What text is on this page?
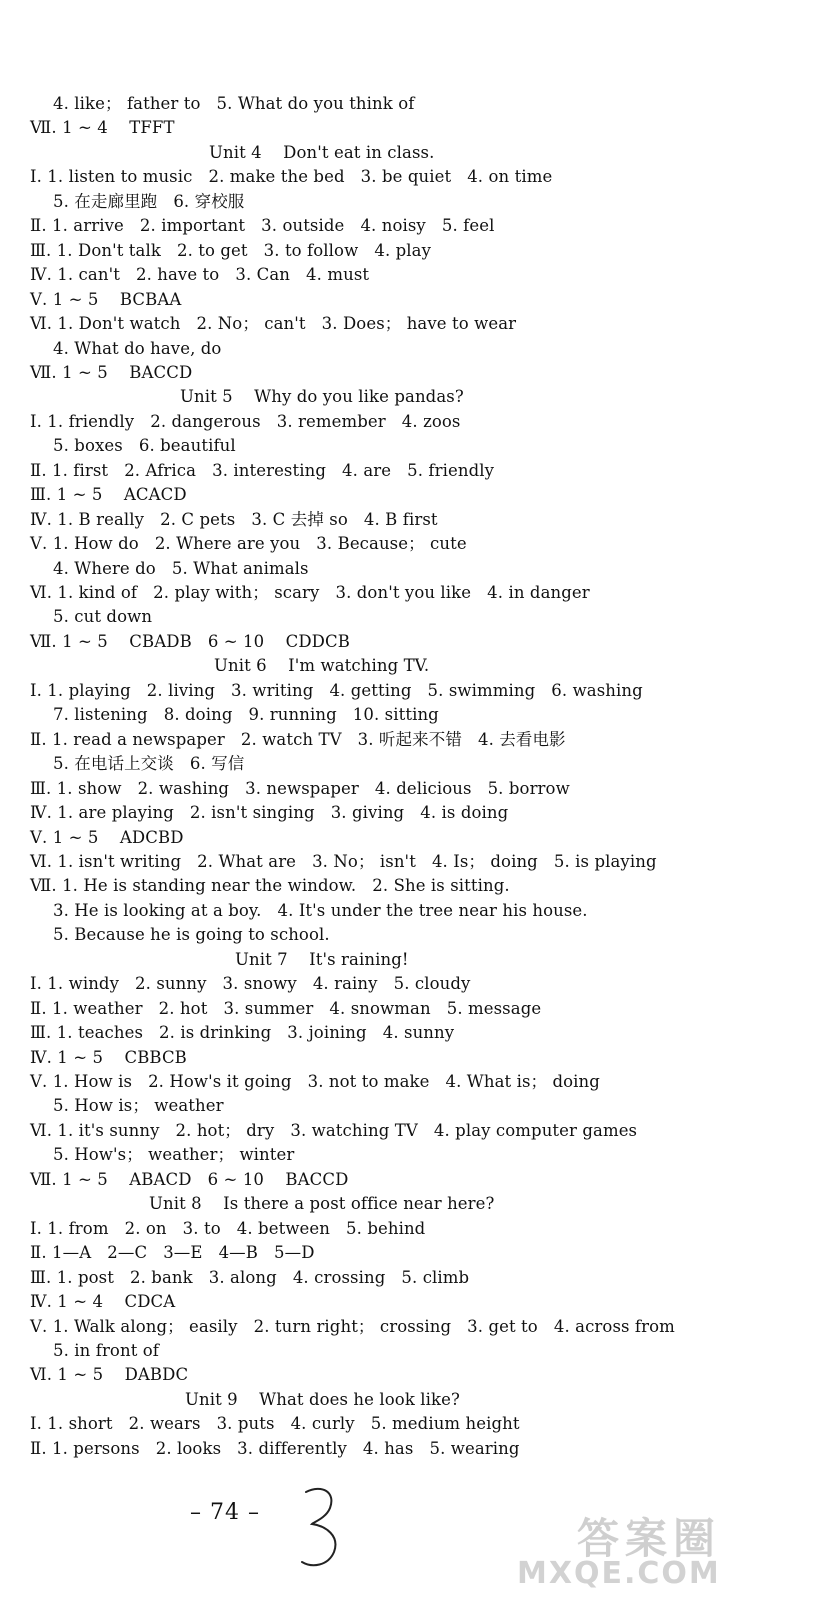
4. like； father to   5. What do you think of
Ⅶ. 1 ~ 4    TFFT
Unit 4    Don't eat in class.
Ⅰ. 1. listen to music   2. make the bed   3. be quiet   4. on time
5. 在走廊里跑   6. 穿校服
Ⅱ. 1. arrive   2. important   3. outside   4. noisy   5. feel
Ⅲ. 1. Don't talk   2. to get   3. to follow   4. play
Ⅳ. 1. can't   2. have to   3. Can   4. must
Ⅴ. 1 ~ 5    BCBAA
Ⅵ. 1. Don't watch   2. No； can't   3. Does； have to wear
4. What do have, do
Ⅶ. 1 ~ 5    BACCD
Unit 5    Why do you like pandas?
Ⅰ. 1. friendly   2. dangerous   3. remember   4. zoos
5. boxes   6. beautiful
Ⅱ. 1. first   2. Africa   3. interesting   4. are   5. friendly
Ⅲ. 1 ~ 5    ACACD
Ⅳ. 1. B really   2. C pets   3. C 去掉 so   4. B first
Ⅴ. 1. How do   2. Where are you   3. Because； cute
4. Where do   5. What animals
Ⅵ. 1. kind of   2. play with； scary   3. don't you like   4. in danger
5. cut down
Ⅶ. 1 ~ 5    CBADB   6 ~ 10    CDDCB
Unit 6    I'm watching TV.
Ⅰ. 1. playing   2. living   3. writing   4. getting   5. swimming   6. washing
7. listening   8. doing   9. running   10. sitting
Ⅱ. 1. read a newspaper   2. watch TV   3. 听起来不错   4. 去看电影
5. 在电话上交谈   6. 写信
Ⅲ. 1. show   2. washing   3. newspaper   4. delicious   5. borrow
Ⅳ. 1. are playing   2. isn't singing   3. giving   4. is doing
Ⅴ. 1 ~ 5    ADCBD
Ⅵ. 1. isn't writing   2. What are   3. No； isn't   4. Is； doing   5. is playing
Ⅶ. 1. He is standing near the window.   2. She is sitting.
3. He is looking at a boy.   4. It's under the tree near his house.
5. Because he is going to school.
Unit 7    It's raining!
Ⅰ. 1. windy   2. sunny   3. snowy   4. rainy   5. cloudy
Ⅱ. 1. weather   2. hot   3. summer   4. snowman   5. message
Ⅲ. 1. teaches   2. is drinking   3. joining   4. sunny
Ⅳ. 1 ~ 5    CBBCB
Ⅴ. 1. How is   2. How's it going   3. not to make   4. What is； doing
5. How is； weather
Ⅵ. 1. it's sunny   2. hot； dry   3. watching TV   4. play computer games
5. How's； weather； winter
Ⅶ. 1 ~ 5    ABACD   6 ~ 10    BACCD
Unit 8    Is there a post office near here?
Ⅰ. 1. from   2. on   3. to   4. between   5. behind
Ⅱ. 1—A   2—C   3—E   4—B   5—D
Ⅲ. 1. post   2. bank   3. along   4. crossing   5. climb
Ⅳ. 1 ~ 4    CDCA
Ⅴ. 1. Walk along； easily   2. turn right； crossing   3. get to   4. across from
5. in front of
Ⅵ. 1 ~ 5    DABDC
Unit 9    What does he look like?
Ⅰ. 1. short   2. wears   3. puts   4. curly   5. medium height
Ⅱ. 1. persons   2. looks   3. differently   4. has   5. wearing
– 74 –
答案圈
MXQE.COM
